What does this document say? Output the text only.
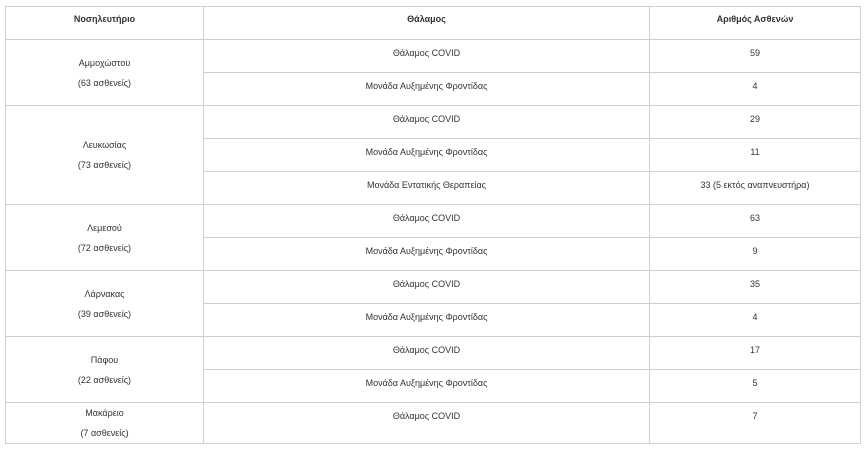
Νοσηλευτήριο	Θάλαμος	Αριθμός Ασθενών

Αμμοχώστου
(63 ασθενείς)	Θάλαμος COVID	59
	Μονάδα Αυξημένης Φροντίδας	4

Λευκωσίας
(73 ασθενείς)	Θάλαμος COVID	29
	Μονάδα Αυξημένης Φροντίδας	11
	Μονάδα Εντατικής Θεραπείας	33 (5 εκτός αναπνευστήρα)

Λεμεσού
(72 ασθενείς)	Θάλαμος COVID	63
	Μονάδα Αυξημένης Φροντίδας	9

Λάρνακας
(39 ασθενείς)	Θάλαμος COVID	35
	Μονάδα Αυξημένης Φροντίδας	4

Πάφου
(22 ασθενείς)	Θάλαμος COVID	17
	Μονάδα Αυξημένης Φροντίδας	5

Μακάρειο
(7 ασθενείς)	Θάλαμος COVID	7
